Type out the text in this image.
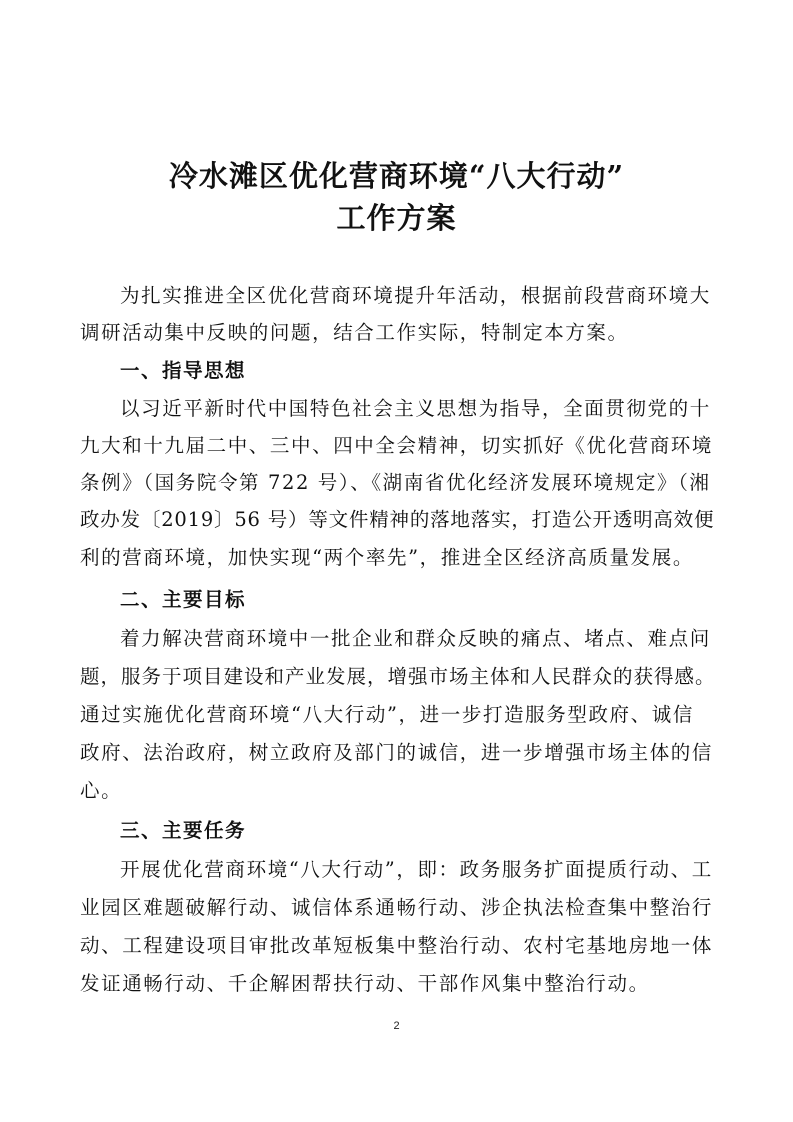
冷水滩区优化营商环境“八大行动”
工作方案

为扎实推进全区优化营商环境提升年活动，根据前段营商环境大

调研活动集中反映的问题，结合工作实际，特制定本方案。

一、指导思想

以习近平新时代中国特色社会主义思想为指导，全面贯彻党的十

九大和十九届二中、三中、四中全会精神，切实抓好《优化营商环境

条例》（国务院令第 722 号）、《湖南省优化经济发展环境规定》（湘

政办发〔2019〕56 号）等文件精神的落地落实，打造公开透明高效便

利的营商环境，加快实现“两个率先”，推进全区经济高质量发展。

二、主要目标

着力解决营商环境中一批企业和群众反映的痛点、堵点、难点问

题，服务于项目建设和产业发展，增强市场主体和人民群众的获得感。

通过实施优化营商环境“八大行动”，进一步打造服务型政府、诚信

政府、法治政府，树立政府及部门的诚信，进一步增强市场主体的信

心。

三、主要任务

开展优化营商环境“八大行动”，即：政务服务扩面提质行动、工

业园区难题破解行动、诚信体系通畅行动、涉企执法检查集中整治行

动、工程建设项目审批改革短板集中整治行动、农村宅基地房地一体

发证通畅行动、千企解困帮扶行动、干部作风集中整治行动。

2
